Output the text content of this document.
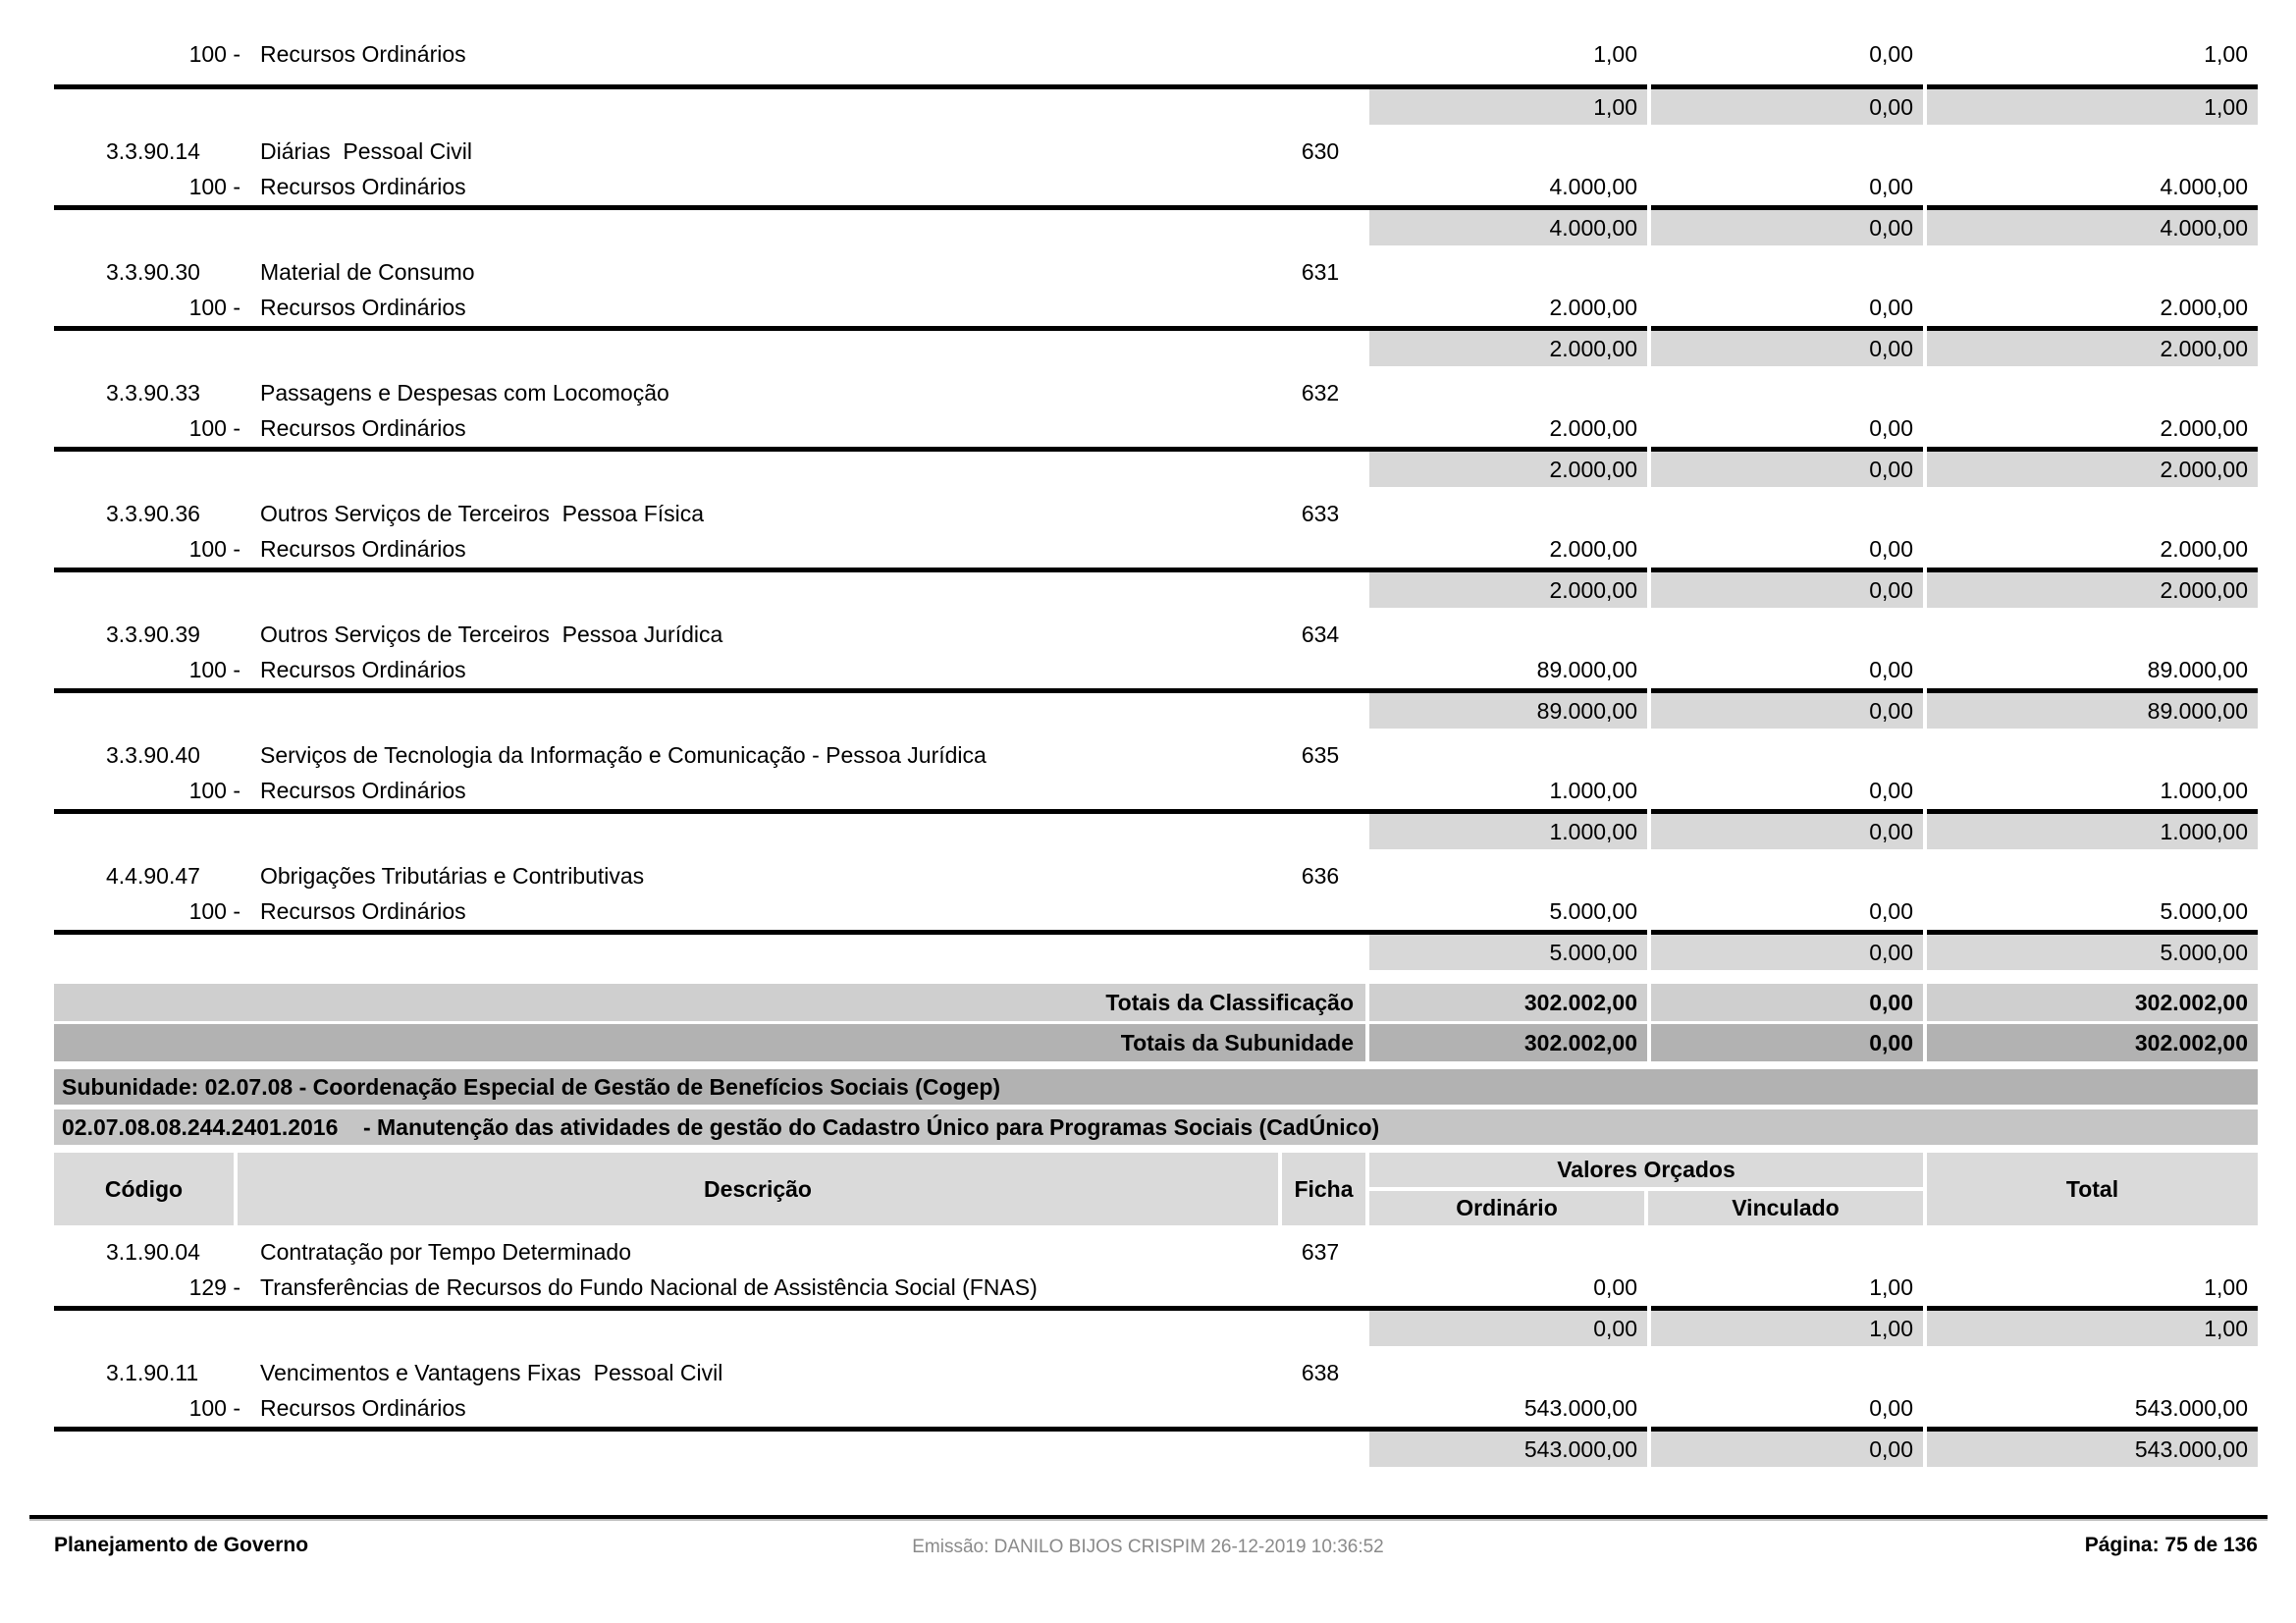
100 - Recursos Ordinários	1,00	0,00	1,00
1,00	0,00	1,00
3.3.90.14	Diárias  Pessoal Civil	630
100 - Recursos Ordinários	4.000,00	0,00	4.000,00
4.000,00	0,00	4.000,00
3.3.90.30	Material de Consumo	631
100 - Recursos Ordinários	2.000,00	0,00	2.000,00
2.000,00	0,00	2.000,00
3.3.90.33	Passagens e Despesas com Locomoção	632
100 - Recursos Ordinários	2.000,00	0,00	2.000,00
2.000,00	0,00	2.000,00
3.3.90.36	Outros Serviços de Terceiros  Pessoa Física	633
100 - Recursos Ordinários	2.000,00	0,00	2.000,00
2.000,00	0,00	2.000,00
3.3.90.39	Outros Serviços de Terceiros  Pessoa Jurídica	634
100 - Recursos Ordinários	89.000,00	0,00	89.000,00
89.000,00	0,00	89.000,00
3.3.90.40	Serviços de Tecnologia da Informação e Comunicação - Pessoa Jurídica	635
100 - Recursos Ordinários	1.000,00	0,00	1.000,00
1.000,00	0,00	1.000,00
4.4.90.47	Obrigações Tributárias e Contributivas	636
100 - Recursos Ordinários	5.000,00	0,00	5.000,00
5.000,00	0,00	5.000,00
Totais da Classificação	302.002,00	0,00	302.002,00
Totais da Subunidade	302.002,00	0,00	302.002,00
Subunidade: 02.07.08 - Coordenação Especial de Gestão de Benefícios Sociais (Cogep)
02.07.08.08.244.2401.2016    - Manutenção das atividades de gestão do Cadastro Único para Programas Sociais (CadÚnico)
Código	Descrição	Ficha
Valores Orçados
Ordinário	Vinculado
Total
3.1.90.04	Contratação por Tempo Determinado	637
129 - Transferências de Recursos do Fundo Nacional de Assistência Social (FNAS)	0,00	1,00	1,00
0,00	1,00	1,00
3.1.90.11	Vencimentos e Vantagens Fixas  Pessoal Civil	638
100 - Recursos Ordinários	543.000,00	0,00	543.000,00
543.000,00	0,00	543.000,00
Planejamento de Governo	Emissão: DANILO BIJOS CRISPIM 26-12-2019 10:36:52	Página: 75 de 136
